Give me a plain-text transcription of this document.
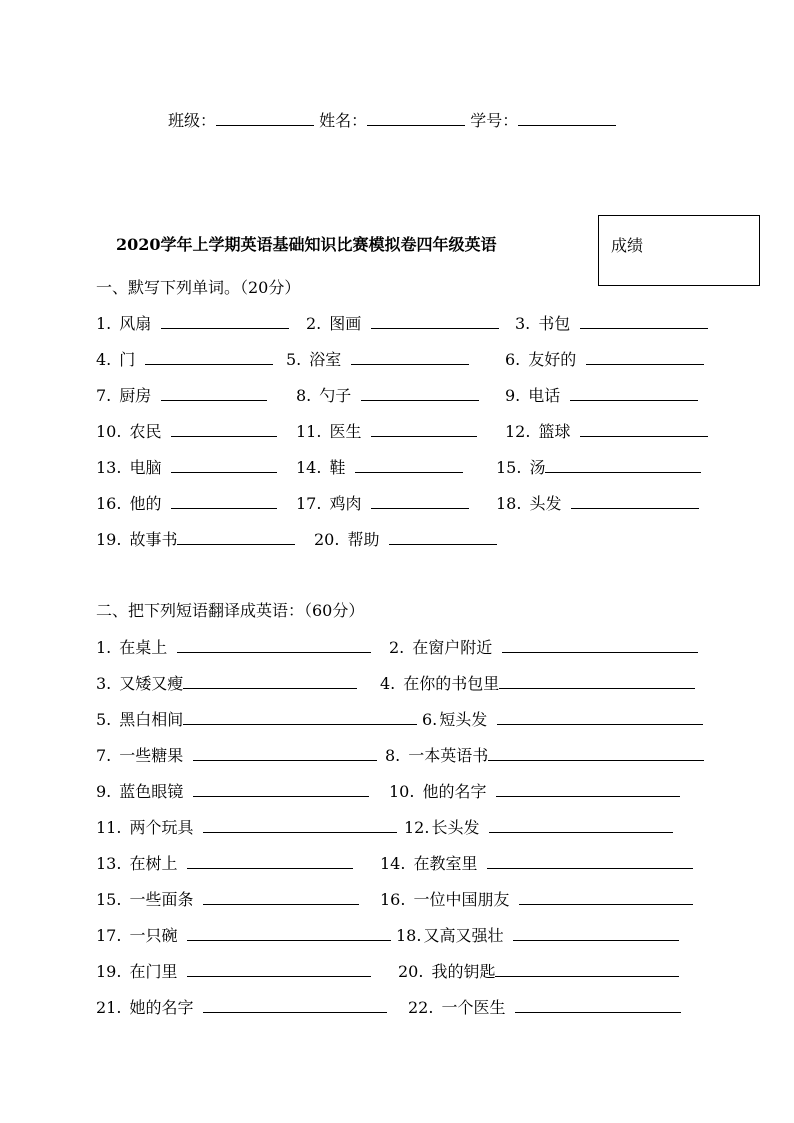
班级：	姓名：	学号：
2020学年上学期英语基础知识比赛模拟卷四年级英语	成绩
一、默写下列单词。（20分）
1. 风扇	2. 图画	3. 书包
4. 门	5. 浴室	6. 友好的
7. 厨房	8. 勺子	9. 电话
10. 农民	11. 医生	12. 篮球
13. 电脑	14. 鞋	15. 汤
16. 他的	17. 鸡肉	18. 头发
19. 故事书	20. 帮助
二、把下列短语翻译成英语：（60分）
1. 在桌上	2. 在窗户附近
3. 又矮又瘦	4. 在你的书包里
5. 黑白相间	6. 短头发
7. 一些糖果	8. 一本英语书
9. 蓝色眼镜	10. 他的名字
11. 两个玩具	12. 长头发
13. 在树上	14. 在教室里
15. 一些面条	16. 一位中国朋友
17. 一只碗	18. 又高又强壮
19. 在门里	20. 我的钥匙
21. 她的名字	22. 一个医生
